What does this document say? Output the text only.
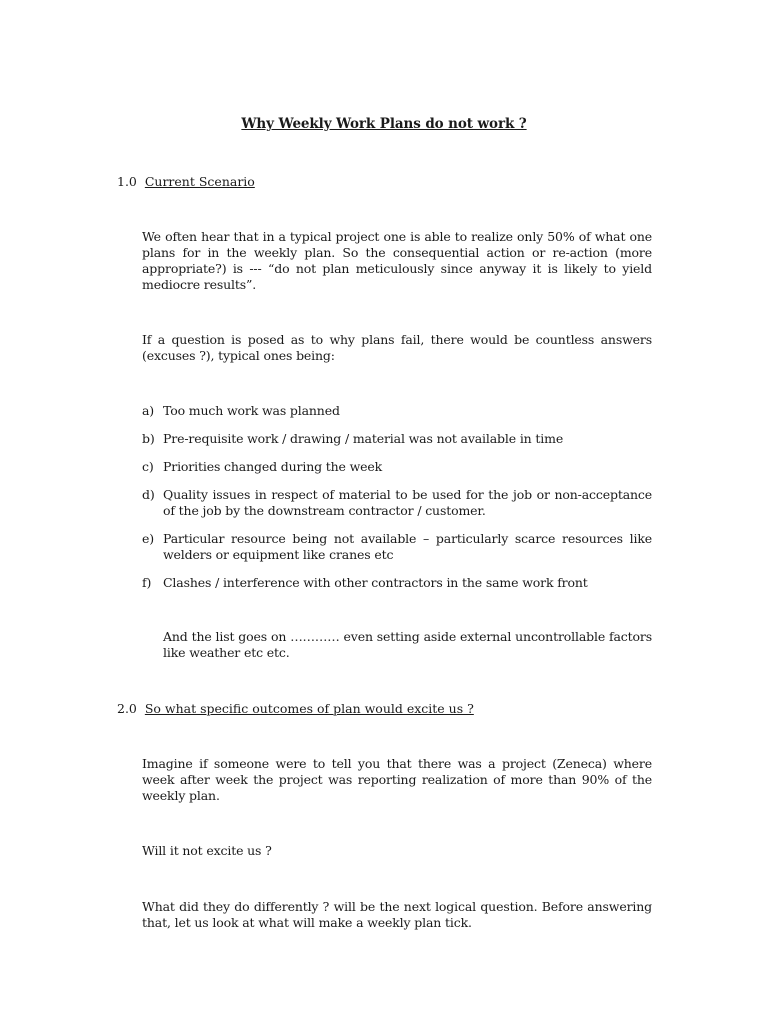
Why Weekly Work Plans do not work ?
1.0  Current Scenario
We often hear that in a typical project one is able to realize only 50% of what one plans for in the weekly plan. So the consequential action or re-action (more appropriate?) is --- “do not plan meticulously since anyway it is likely to yield mediocre results”.
If a question is posed as to why plans fail, there would be countless answers (excuses ?), typical ones being:
a) Too much work was planned
b) Pre-requisite work / drawing / material was not available in time
c) Priorities changed during the week
d) Quality issues in respect of material to be used for the job or non-acceptance of the job by the downstream contractor / customer.
e) Particular resource being not available – particularly scarce resources like welders or equipment like cranes etc
f) Clashes / interference with other contractors in the same work front
And the list goes on ………… even setting aside external uncontrollable factors like weather etc etc.
2.0  So what specific outcomes of plan would excite us ?
Imagine if someone were to tell you that there was a project (Zeneca) where week after week the project was reporting realization of more than 90% of the weekly plan.
Will it not excite us ?
What did they do differently ? will be the next logical question. Before answering that, let us look at what will make a weekly plan tick.
